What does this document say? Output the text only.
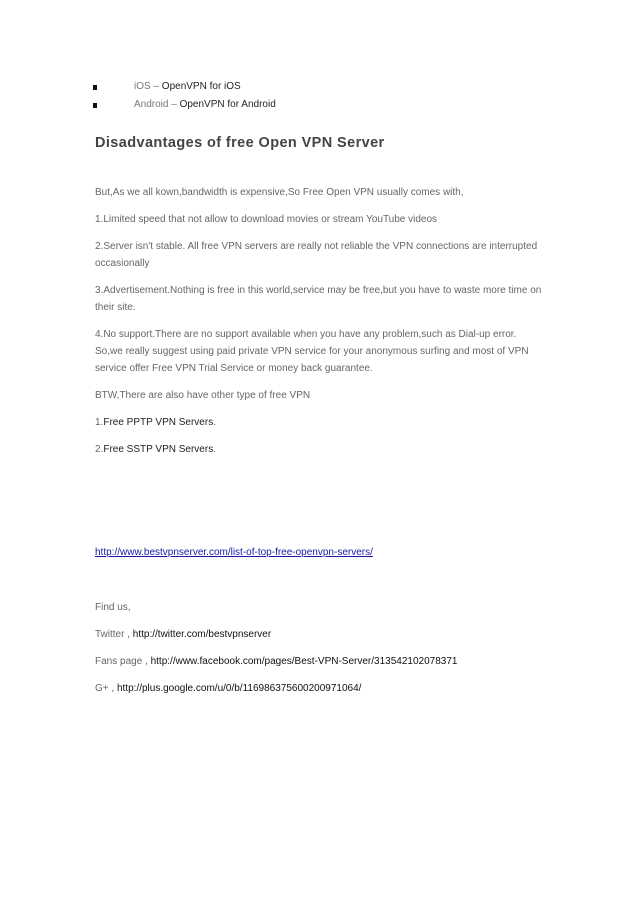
iOS – OpenVPN for iOS
Android – OpenVPN for Android
Disadvantages of free Open VPN Server

But,As we all kown,bandwidth is expensive,So Free Open VPN usually comes with,

1.Limited speed that not allow to download movies or stream YouTube videos

2.Server isn't stable. All free VPN servers are really not reliable the VPN connections are interrupted occasionally

3.Advertisement.Nothing is free in this world,service may be free,but you have to waste more time on their site.

4.No support.There are no support available when you have any problem,such as Dial-up error. So,we really suggest using paid private VPN service for your anonymous surfing and most of VPN service offer Free VPN Trial Service or money back guarantee.

BTW,There are also have other type of free VPN

1.Free PPTP VPN Servers.

2.Free SSTP VPN Servers.

http://www.bestvpnserver.com/list-of-top-free-openvpn-servers/
Find us,
Twitter , http://twitter.com/bestvpnserver
Fans page , http://www.facebook.com/pages/Best-VPN-Server/313542102078371
G+ , http://plus.google.com/u/0/b/116986375600200971064/
